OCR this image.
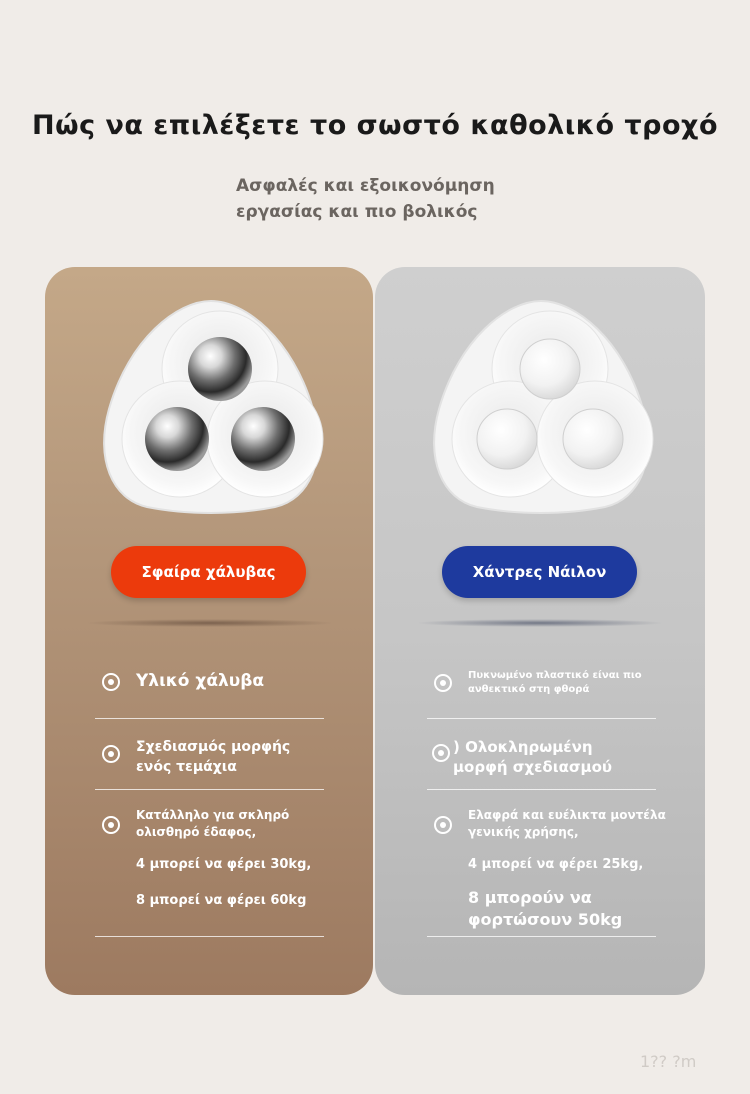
Πώς να επιλέξετε το σωστό καθολικό τροχό
Ασφαλές και εξοικονόμηση
εργασίας και πιο βολικός
Σφαίρα χάλυβας
Υλικό χάλυβα
Σχεδιασμός μορφής
ενός τεμάχια
Κατάλληλο για σκληρό
ολισθηρό έδαφος,
4 μπορεί να φέρει 30kg,
8 μπορεί να φέρει 60kg
Χάντρες Νάιλον
Πυκνωμένο πλαστικό είναι πιο
ανθεκτικό στη φθορά
) Ολοκληρωμένη
μορφή σχεδιασμού
Ελαφρά και ευέλικτα μοντέλα
γενικής χρήσης,
4 μπορεί να φέρει 25kg,
8 μπορούν να
φορτώσουν 50kg
1?? ?m
